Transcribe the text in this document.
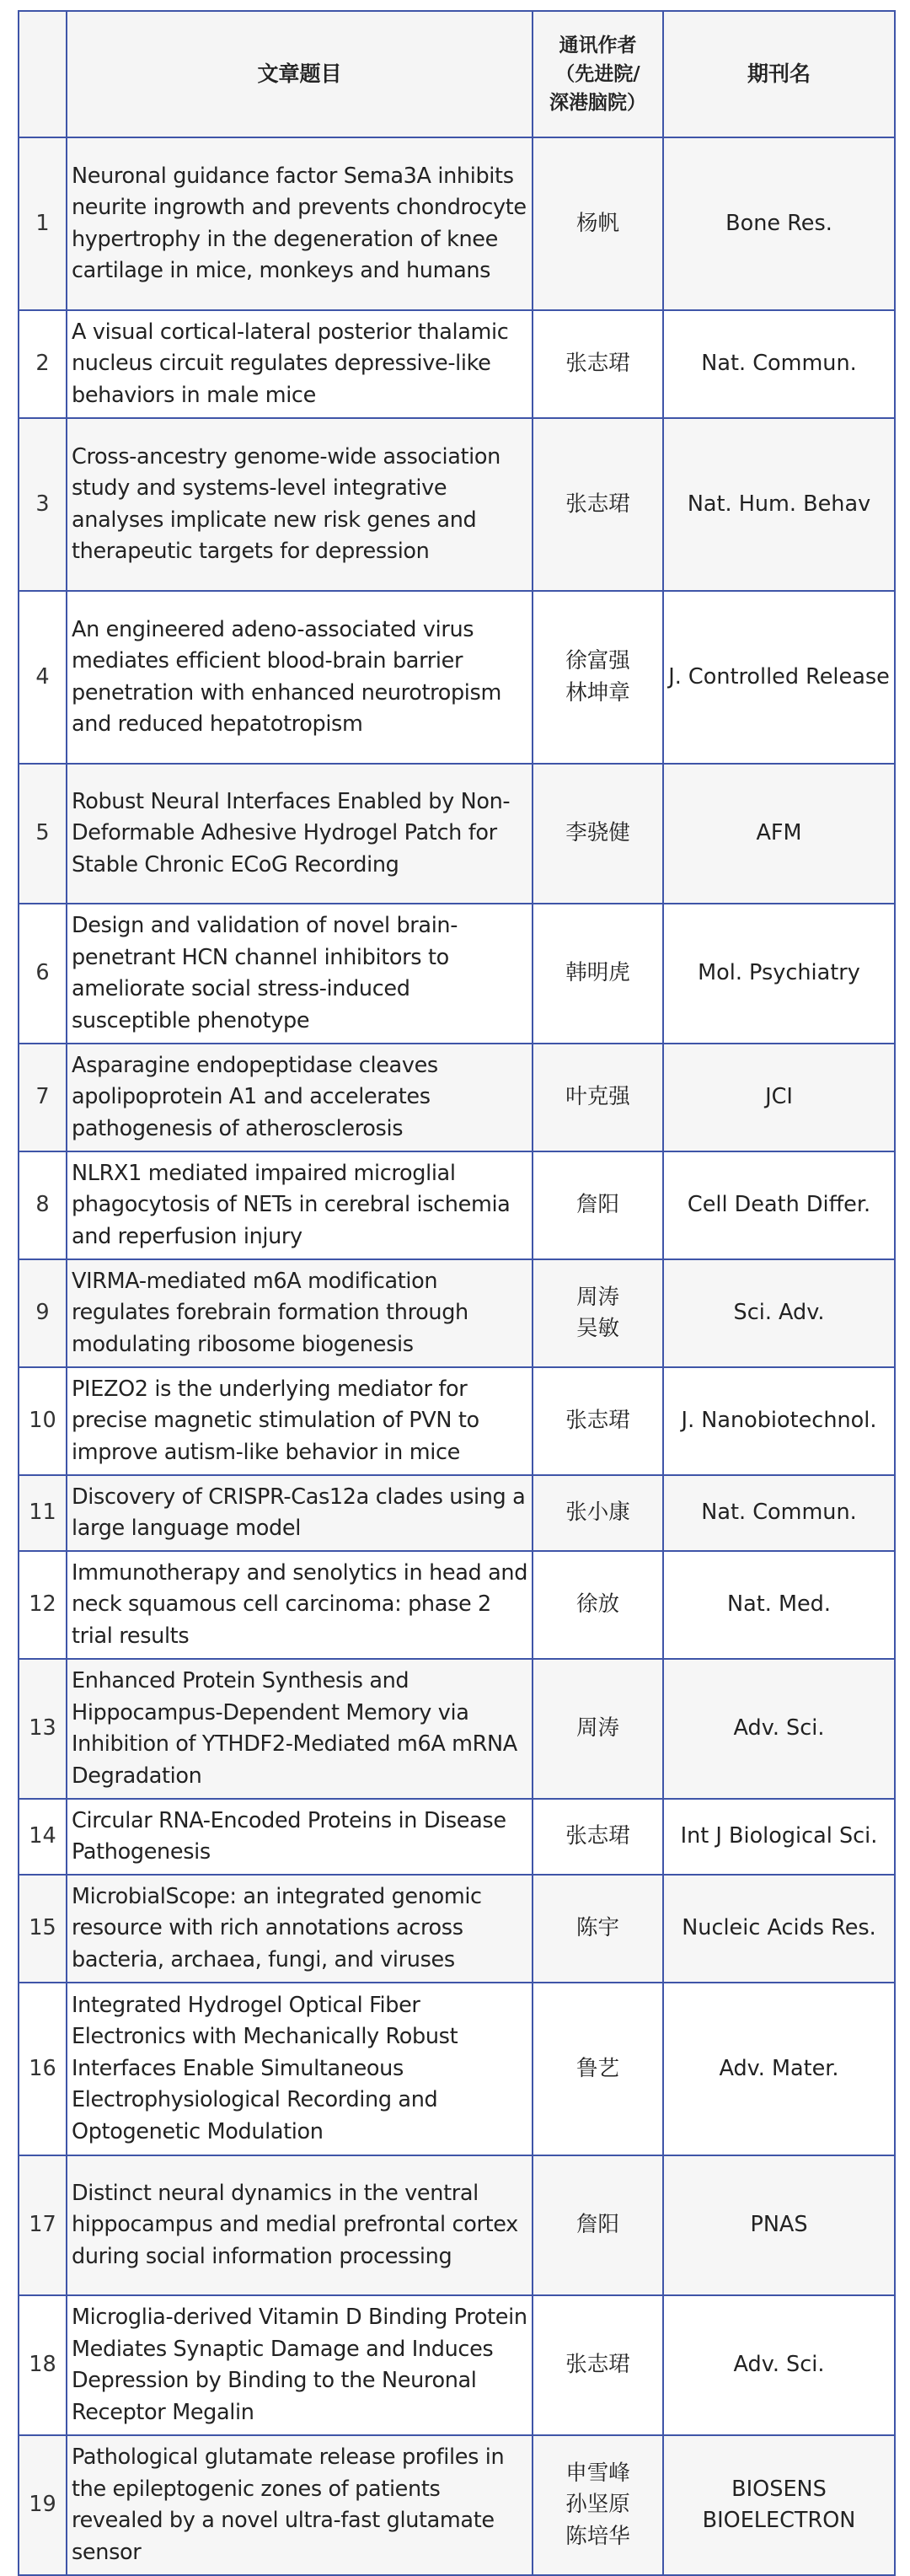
	文章题目	通讯作者
（先进院/
深港脑院）	期刊名
1	Neuronal guidance factor Sema3A inhibits neurite ingrowth and prevents chondrocyte hypertrophy in the degeneration of knee cartilage in mice, monkeys and humans	杨帆	Bone Res.
2	A visual cortical-lateral posterior thalamic nucleus circuit regulates depressive-like behaviors in male mice	张志珺	Nat. Commun.
3	Cross-ancestry genome-wide association study and systems-level integrative analyses implicate new risk genes and therapeutic targets for depression	张志珺	Nat. Hum. Behav
4	An engineered adeno-associated virus mediates efficient blood-brain barrier penetration with enhanced neurotropism and reduced hepatotropism	徐富强
林坤章	J. Controlled Release
5	Robust Neural Interfaces Enabled by Non-Deformable Adhesive Hydrogel Patch for Stable Chronic ECoG Recording	李骁健	AFM
6	Design and validation of novel brain-penetrant HCN channel inhibitors to ameliorate social stress-induced susceptible phenotype	韩明虎	Mol. Psychiatry
7	Asparagine endopeptidase cleaves apolipoprotein A1 and accelerates pathogenesis of atherosclerosis	叶克强	JCI
8	NLRX1 mediated impaired microglial phagocytosis of NETs in cerebral ischemia and reperfusion injury	詹阳	Cell Death Differ.
9	VIRMA-mediated m6A modification regulates forebrain formation through modulating ribosome biogenesis	周涛
吴敏	Sci. Adv.
10	PIEZO2 is the underlying mediator for precise magnetic stimulation of PVN to improve autism-like behavior in mice	张志珺	J. Nanobiotechnol.
11	Discovery of CRISPR-Cas12a clades using a large language model	张小康	Nat. Commun.
12	Immunotherapy and senolytics in head and neck squamous cell carcinoma: phase 2 trial results	徐放	Nat. Med.
13	Enhanced Protein Synthesis and Hippocampus-Dependent Memory via Inhibition of YTHDF2-Mediated m6A mRNA Degradation	周涛	Adv. Sci.
14	Circular RNA-Encoded Proteins in Disease Pathogenesis	张志珺	Int J Biological Sci.
15	MicrobialScope: an integrated genomic resource with rich annotations across bacteria, archaea, fungi, and viruses	陈宇	Nucleic Acids Res.
16	Integrated Hydrogel Optical Fiber Electronics with Mechanically Robust Interfaces Enable Simultaneous Electrophysiological Recording and Optogenetic Modulation	鲁艺	Adv. Mater.
17	Distinct neural dynamics in the ventral hippocampus and medial prefrontal cortex during social information processing	詹阳	PNAS
18	Microglia-derived Vitamin D Binding Protein Mediates Synaptic Damage and Induces Depression by Binding to the Neuronal Receptor Megalin	张志珺	Adv. Sci.
19	Pathological glutamate release profiles in the epileptogenic zones of patients revealed by a novel ultra-fast glutamate sensor	申雪峰
孙坚原
陈培华	BIOSENS
BIOELECTRON
